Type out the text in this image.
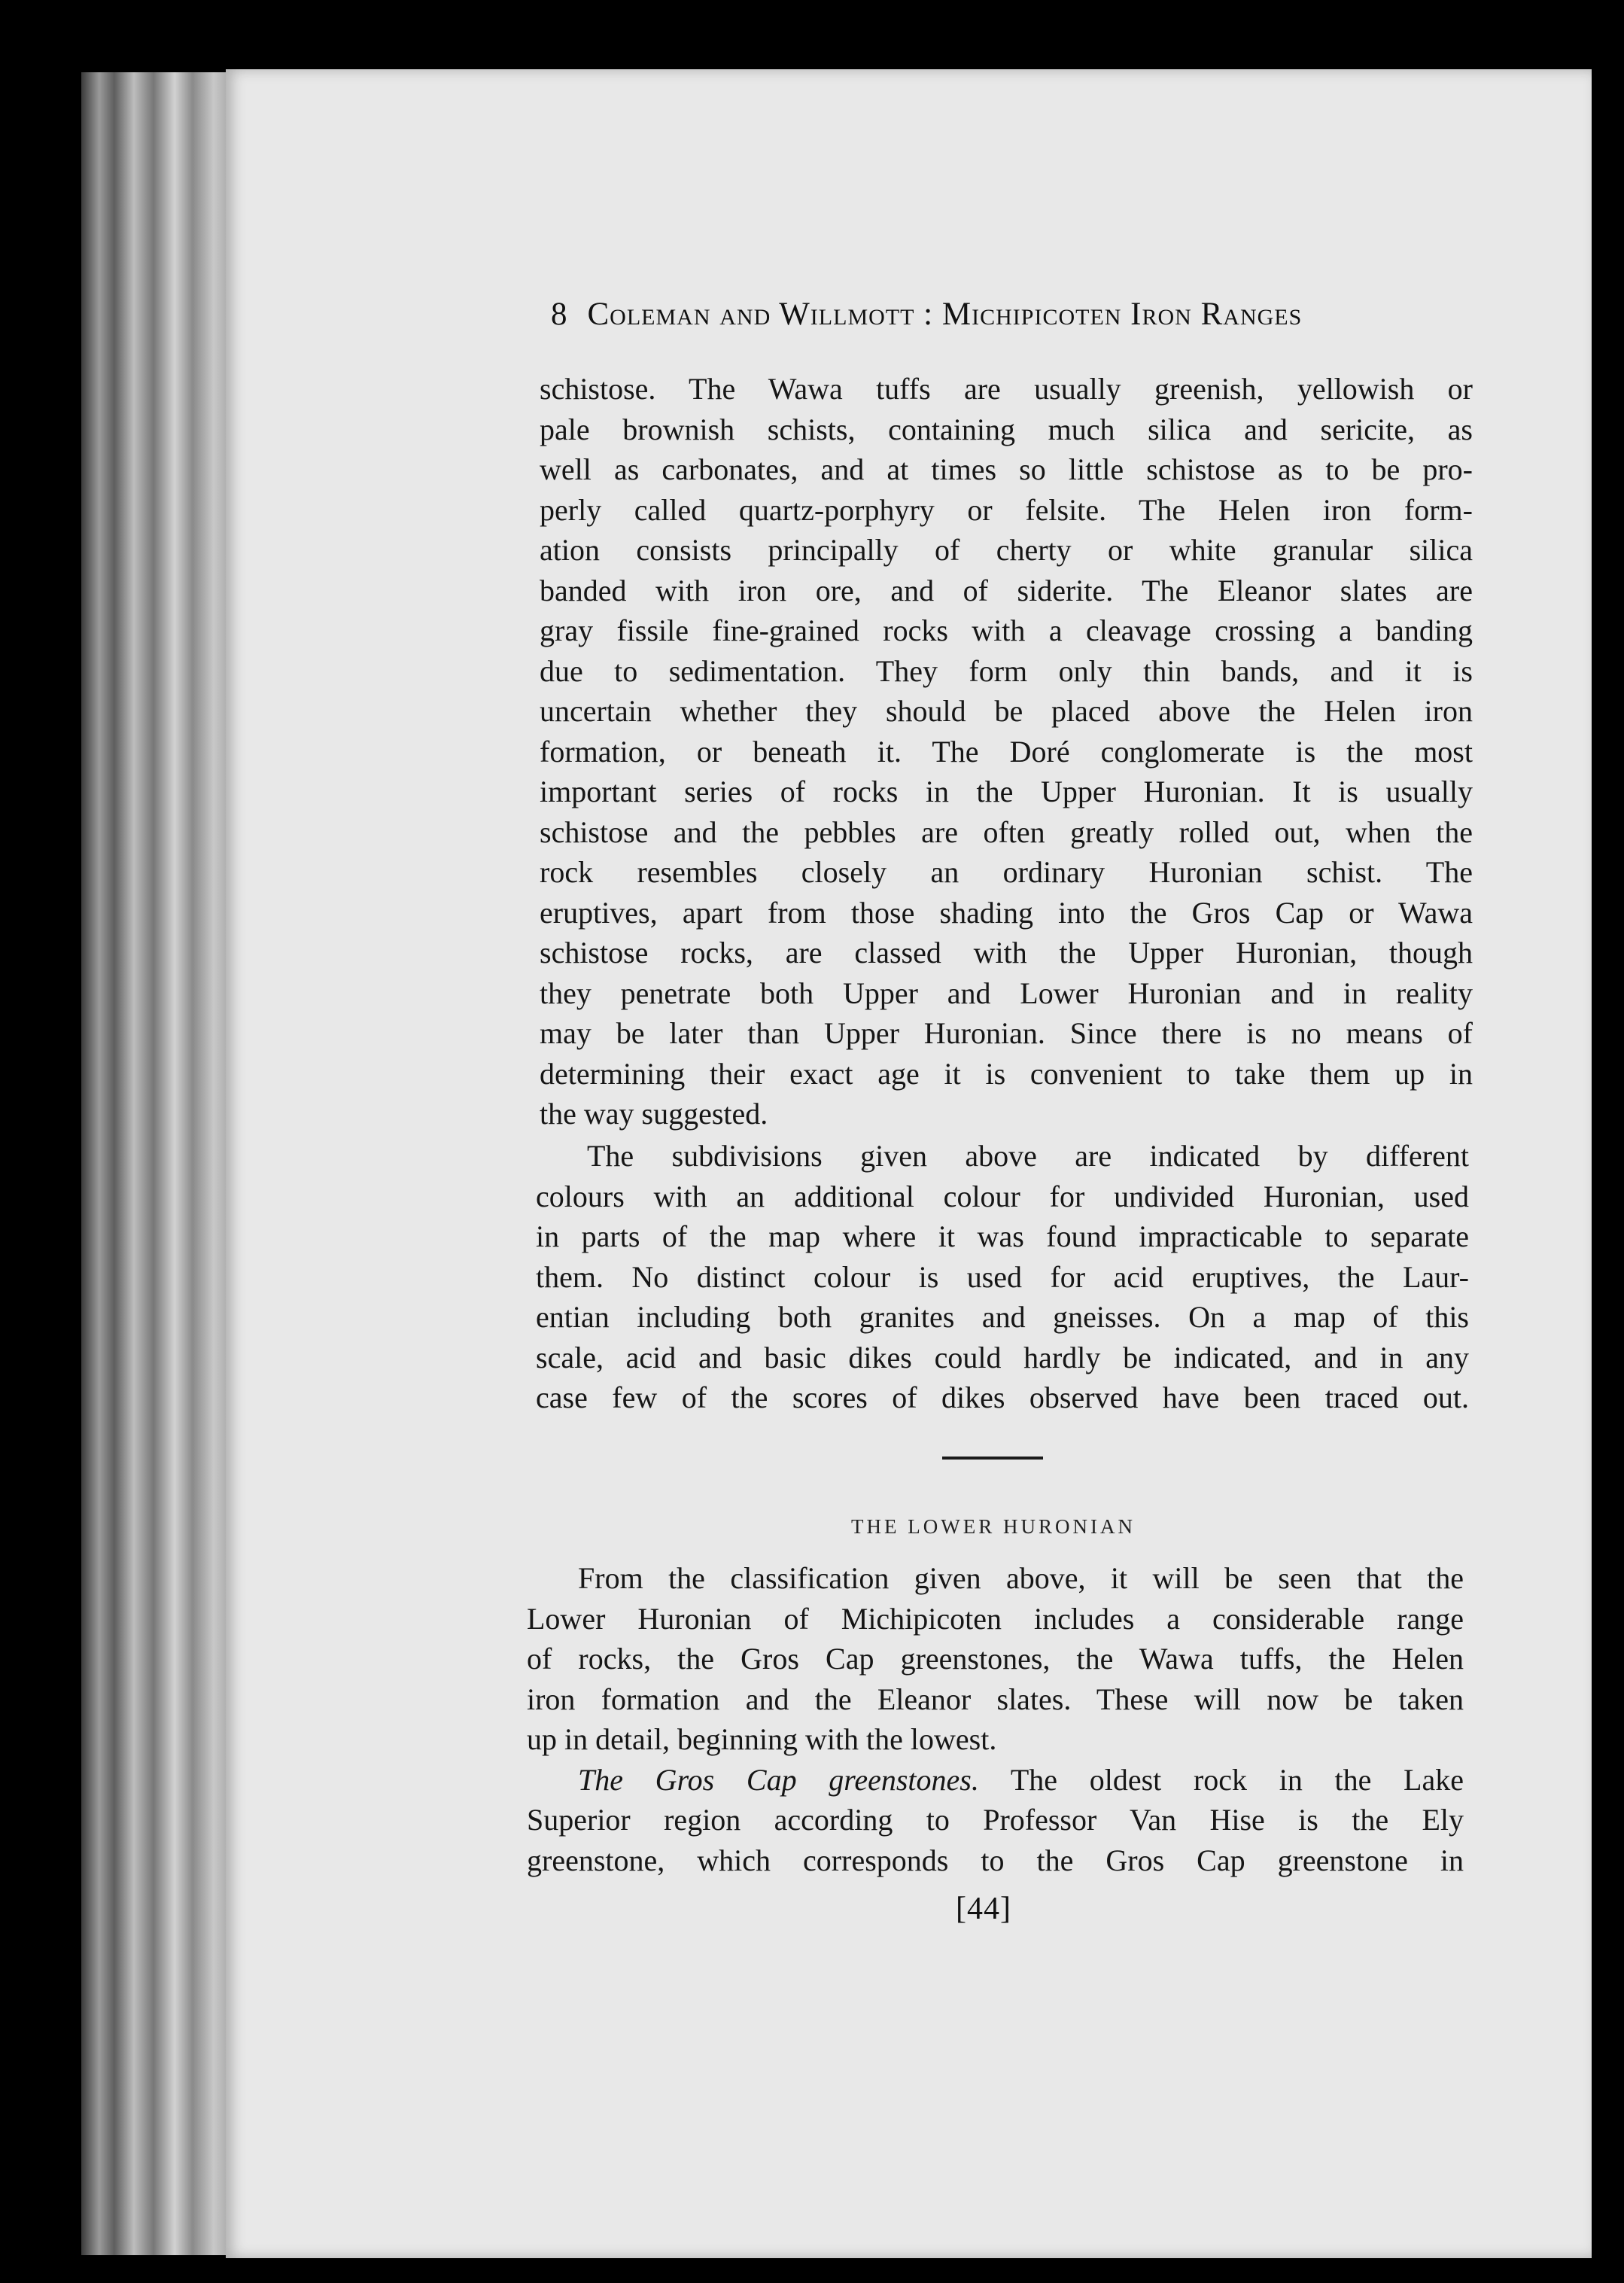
8 Coleman and Willmott : Michipicoten Iron Ranges
schistose. The Wawa tuffs are usually greenish, yellowish or
pale brownish schists, containing much silica and sericite, as
well as carbonates, and at times so little schistose as to be pro-
perly called quartz-porphyry or felsite. The Helen iron form-
ation consists principally of cherty or white granular silica
banded with iron ore, and of siderite. The Eleanor slates are
gray fissile fine-grained rocks with a cleavage crossing a banding
due to sedimentation. They form only thin bands, and it is
uncertain whether they should be placed above the Helen iron
formation, or beneath it. The Doré conglomerate is the most
important series of rocks in the Upper Huronian. It is usually
schistose and the pebbles are often greatly rolled out, when the
rock resembles closely an ordinary Huronian schist. The
eruptives, apart from those shading into the Gros Cap or Wawa
schistose rocks, are classed with the Upper Huronian, though
they penetrate both Upper and Lower Huronian and in reality
may be later than Upper Huronian. Since there is no means of
determining their exact age it is convenient to take them up in
the way suggested.
The subdivisions given above are indicated by different
colours with an additional colour for undivided Huronian, used
in parts of the map where it was found impracticable to separate
them. No distinct colour is used for acid eruptives, the Laur-
entian including both granites and gneisses. On a map of this
scale, acid and basic dikes could hardly be indicated, and in any
case few of the scores of dikes observed have been traced out.
THE LOWER HURONIAN
From the classification given above, it will be seen that the
Lower Huronian of Michipicoten includes a considerable range
of rocks, the Gros Cap greenstones, the Wawa tuffs, the Helen
iron formation and the Eleanor slates. These will now be taken
up in detail, beginning with the lowest.
The Gros Cap greenstones. The oldest rock in the Lake
Superior region according to Professor Van Hise is the Ely
greenstone, which corresponds to the Gros Cap greenstone in
[44]
